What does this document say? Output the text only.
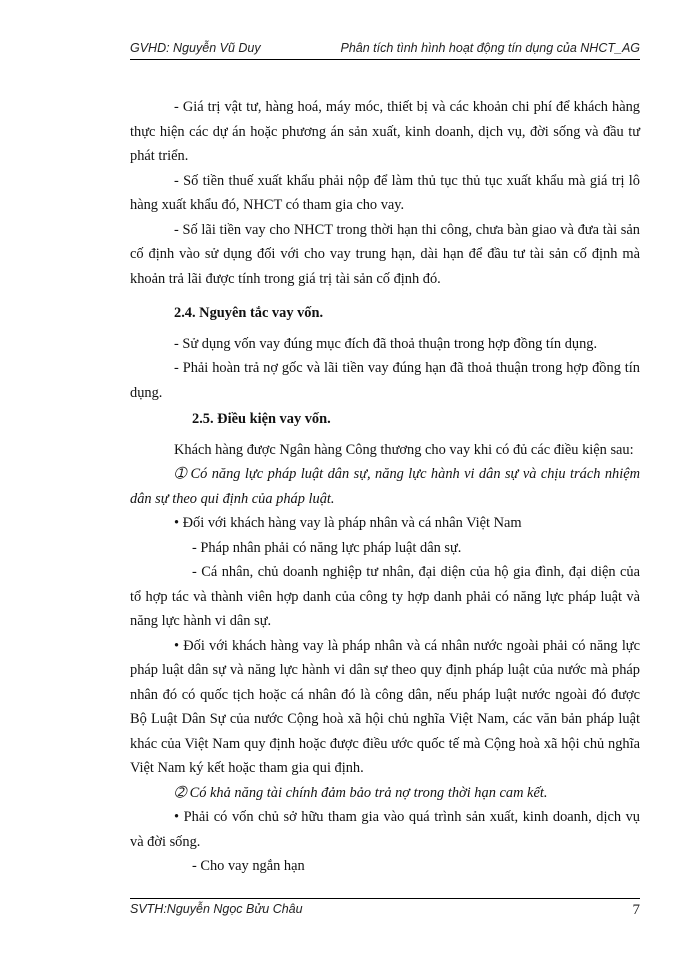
GVHD: Nguyễn Vũ Duy	Phân tích tình hình hoạt động tín dụng của NHCT_AG

- Giá trị vật tư, hàng hoá, máy móc, thiết bị và các khoản chi phí để khách hàng thực hiện các dự án hoặc phương án sản xuất, kinh doanh, dịch vụ, đời sống và đầu tư phát triển.

- Số tiền thuế xuất khẩu phải nộp để làm thủ tục thủ tục xuất khẩu mà giá trị lô hàng xuất khẩu đó, NHCT có tham gia cho vay.

- Số lãi tiền vay cho NHCT trong thời hạn thi công, chưa bàn giao và đưa tài sản cố định vào sử dụng đối với cho vay trung hạn, dài hạn để đầu tư tài sản cố định mà khoản trả lãi được tính trong giá trị tài sản cố định đó.

2.4. Nguyên tắc vay vốn.

- Sử dụng vốn vay đúng mục đích đã thoả thuận trong hợp đồng tín dụng.

- Phải hoàn trả nợ gốc và lãi tiền vay đúng hạn đã thoả thuận trong hợp đồng tín dụng.

2.5. Điều kiện vay vốn.

Khách hàng được Ngân hàng Công thương cho vay khi có đủ các điều kiện sau:

➀ Có năng lực pháp luật dân sự, năng lực hành vi dân sự và chịu trách nhiệm dân sự theo qui định của pháp luật.

• Đối với khách hàng vay là pháp nhân và cá nhân Việt Nam

- Pháp nhân phải có năng lực pháp luật dân sự.

- Cá nhân, chủ doanh nghiệp tư nhân, đại diện của hộ gia đình, đại diện của tổ hợp tác và thành viên hợp danh của công ty hợp danh phải có năng lực pháp luật và năng lực hành vi dân sự.

• Đối với khách hàng vay là pháp nhân và cá nhân nước ngoài phải có năng lực pháp luật dân sự và năng lực hành vi dân sự theo quy định pháp luật của nước mà pháp nhân đó có quốc tịch hoặc cá nhân đó là công dân, nếu pháp luật nước ngoài đó được Bộ Luật Dân Sự của nước Cộng hoà xã hội chủ nghĩa Việt Nam, các văn bản pháp luật khác của Việt Nam quy định hoặc được điều ước quốc tế mà Cộng hoà xã hội chủ nghĩa Việt Nam ký kết hoặc tham gia qui định.

➁ Có khả năng tài chính đảm bảo trả nợ trong thời hạn cam kết.

• Phải có vốn chủ sở hữu tham gia vào quá trình sản xuất, kinh doanh, dịch vụ và đời sống.

- Cho vay ngắn hạn

SVTH:Nguyễn Ngọc Bửu Châu	7
